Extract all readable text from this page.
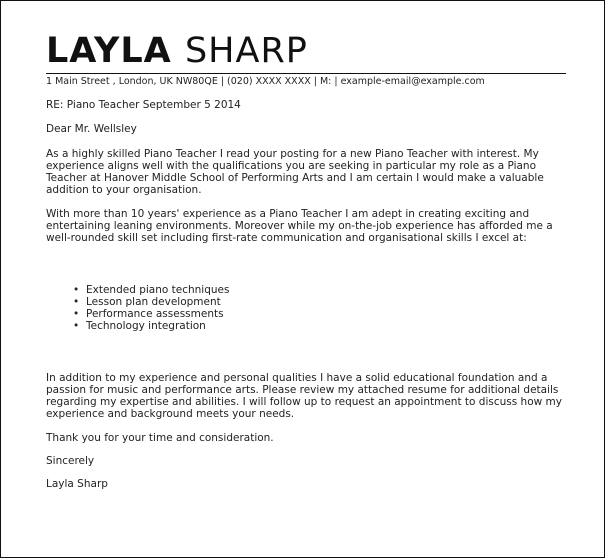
LAYLA SHARP
1 Main Street , London, UK NW80QE | (020) XXXX XXXX | M: | example-email@example.com

RE: Piano Teacher September 5 2014

Dear Mr. Wellsley

As a highly skilled Piano Teacher I read your posting for a new Piano Teacher with interest. My experience aligns well with the qualifications you are seeking in particular my role as a Piano Teacher at Hanover Middle School of Performing Arts and I am certain I would make a valuable addition to your organisation.

With more than 10 years' experience as a Piano Teacher I am adept in creating exciting and entertaining leaning environments. Moreover while my on-the-job experience has afforded me a well-rounded skill set including first-rate communication and organisational skills I excel at:

• Extended piano techniques
• Lesson plan development
• Performance assessments
• Technology integration

In addition to my experience and personal qualities I have a solid educational foundation and a passion for music and performance arts. Please review my attached resume for additional details regarding my expertise and abilities. I will follow up to request an appointment to discuss how my experience and background meets your needs.

Thank you for your time and consideration.

Sincerely

Layla Sharp
